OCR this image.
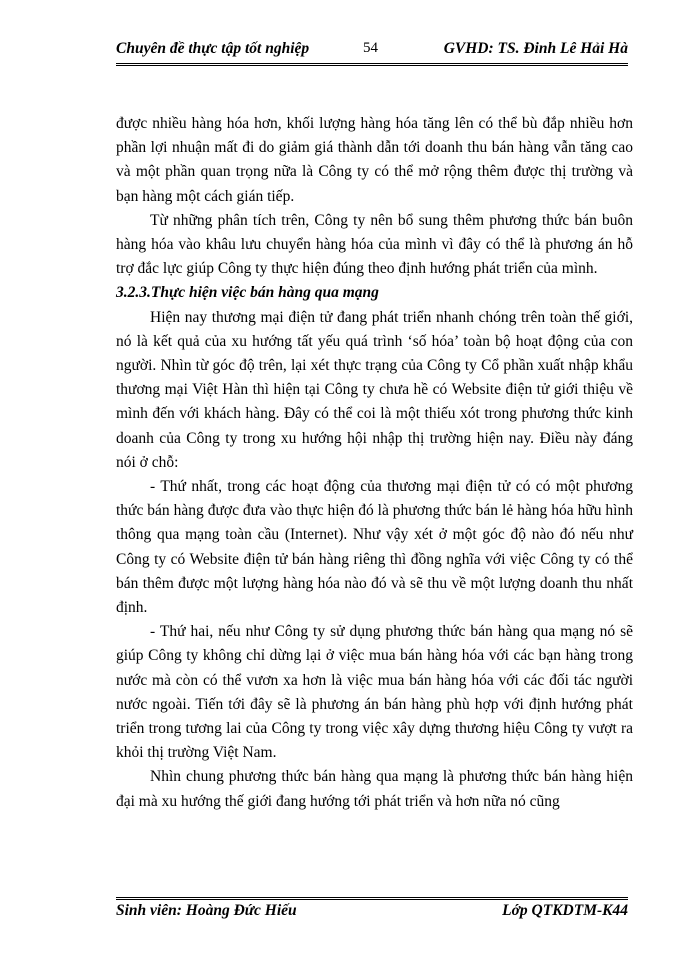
Chuyên đề thực tập tốt nghiệp	54	GVHD: TS. Đinh Lê Hải Hà

được nhiều hàng hóa hơn, khối lượng hàng hóa tăng lên có thể bù đắp nhiều hơn phần lợi nhuận mất đi do giảm giá thành dẫn tới doanh thu bán hàng vẫn tăng cao và một phần quan trọng nữa là Công ty có thể mở rộng thêm được thị trường và bạn hàng một cách gián tiếp.

Từ những phân tích trên, Công ty nên bổ sung thêm phương thức bán buôn hàng hóa vào khâu lưu chuyển hàng hóa của mình vì đây có thể là phương án hỗ trợ đắc lực giúp Công ty thực hiện đúng theo định hướng phát triển của mình.

3.2.3.Thực hiện việc bán hàng qua mạng

Hiện nay thương mại điện tử đang phát triển nhanh chóng trên toàn thế giới, nó là kết quả của xu hướng tất yếu quá trình ‘số hóa’ toàn bộ hoạt động của con người. Nhìn từ góc độ trên, lại xét thực trạng của Công ty Cổ phần xuất nhập khẩu thương mại Việt Hàn thì hiện tại Công ty chưa hề có Website điện tử giới thiệu về mình đến với khách hàng. Đây có thể coi là một thiếu xót trong phương thức kinh doanh của Công ty trong xu hướng hội nhập thị trường hiện nay. Điều này đáng nói ở chỗ:

- Thứ nhất, trong các hoạt động của thương mại điện tử có có một phương thức bán hàng được đưa vào thực hiện đó là phương thức bán lẻ hàng hóa hữu hình thông qua mạng toàn cầu (Internet). Như vậy xét ở một góc độ nào đó nếu như Công ty có Website điện tử bán hàng riêng thì đồng nghĩa với việc Công ty có thể bán thêm được một lượng hàng hóa nào đó và sẽ thu về một lượng doanh thu nhất định.

- Thứ hai, nếu như Công ty sử dụng phương thức bán hàng qua mạng nó sẽ giúp Công ty không chỉ dừng lại ở việc mua bán hàng hóa với các bạn hàng trong nước mà còn có thể vươn xa hơn là việc mua bán hàng hóa với các đối tác người nước ngoài. Tiến tới đây sẽ là phương án bán hàng phù hợp với định hướng phát triển trong tương lai của Công ty trong việc xây dựng thương hiệu Công ty vượt ra khỏi thị trường Việt Nam.

Nhìn chung phương thức bán hàng qua mạng là phương thức bán hàng hiện đại mà xu hướng thế giới đang hướng tới phát triển và hơn nữa nó cũng

Sinh viên: Hoàng Đức Hiếu	Lớp QTKDTM-K44
